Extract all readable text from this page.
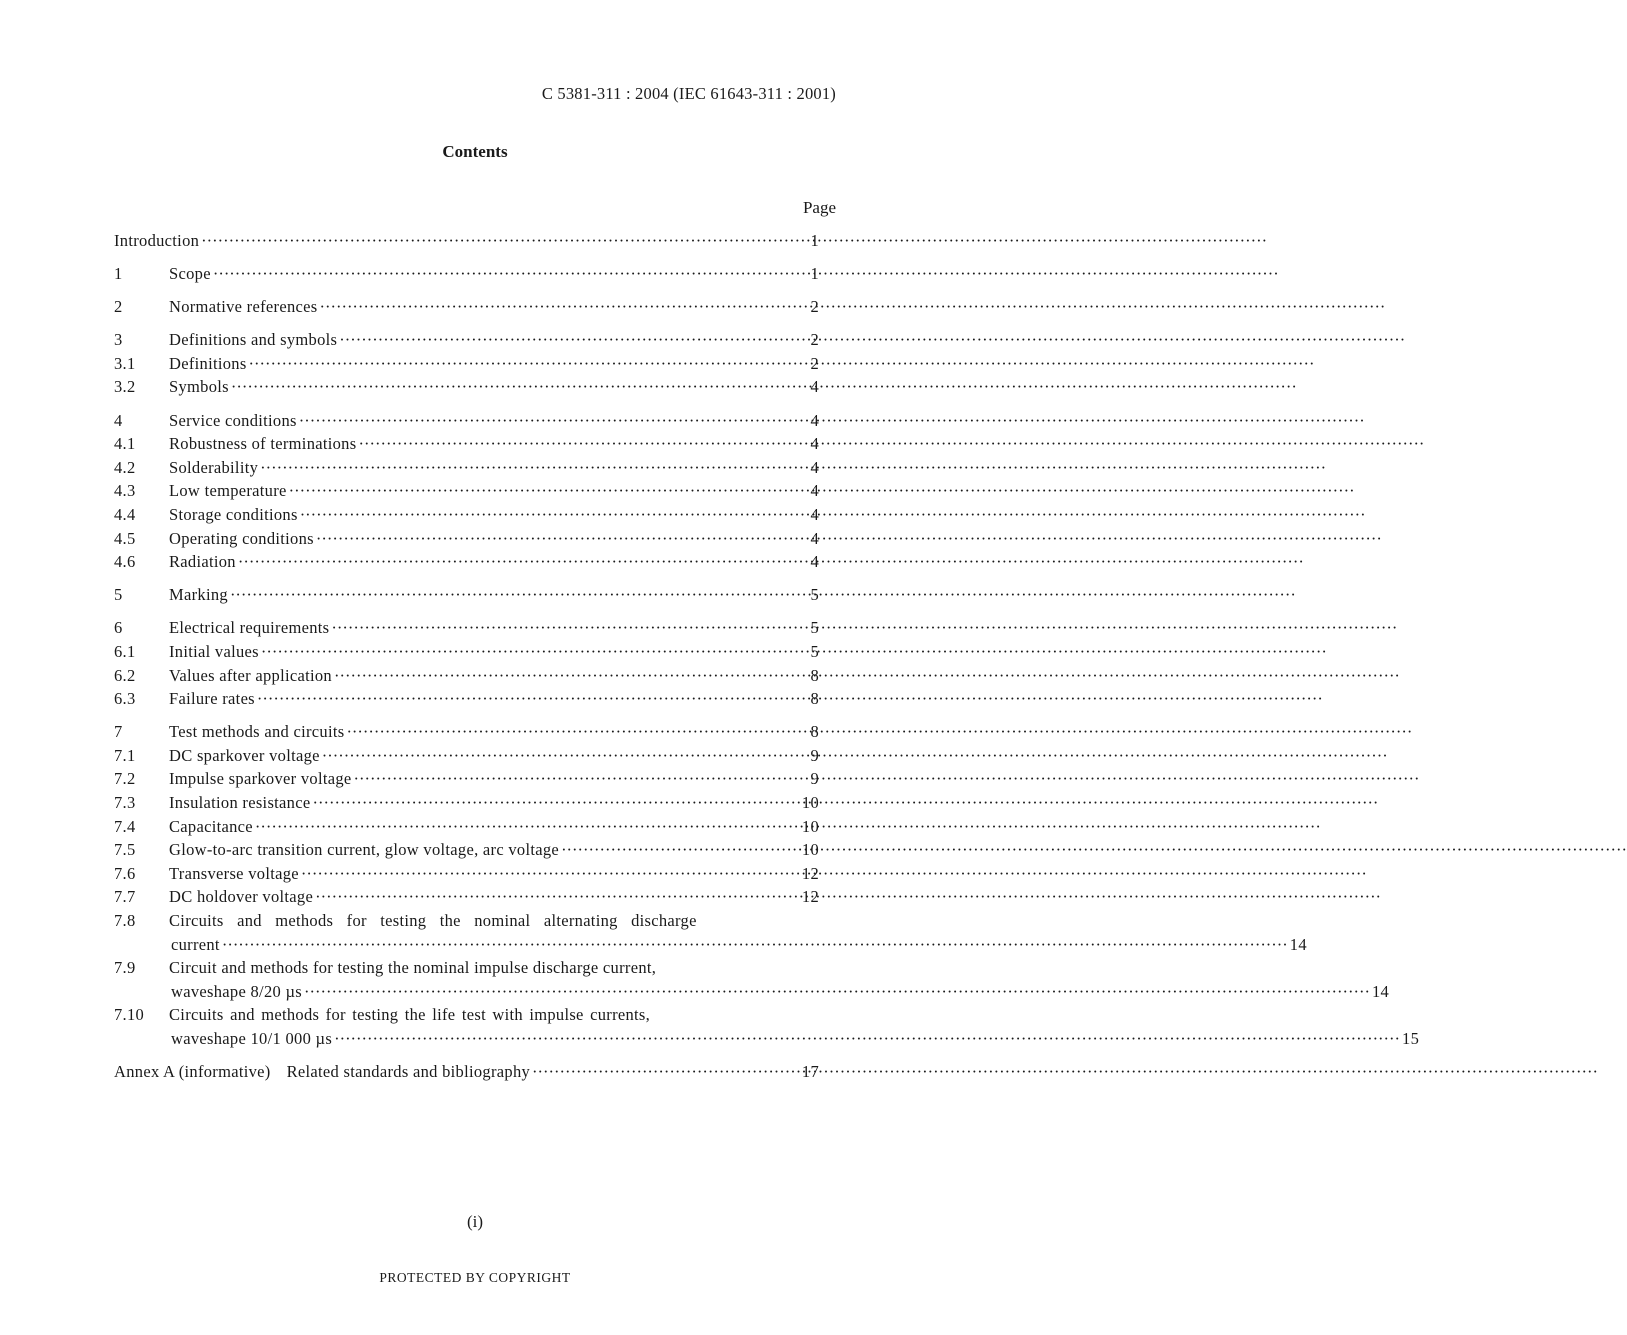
C 5381-311 : 2004 (IEC 61643-311 : 2001)
Contents
Page
Introduction ·····	1
1	Scope ·····	1
2	Normative references ·····	2
3	Definitions and symbols ·····	2
3.1	Definitions ·····	2
3.2	Symbols ·····	4
4	Service conditions ·····	4
4.1	Robustness of terminations ·····	4
4.2	Solderability ·····	4
4.3	Low temperature ·····	4
4.4	Storage conditions ·····	4
4.5	Operating conditions ·····	4
4.6	Radiation ·····	4
5	Marking ·····	5
6	Electrical requirements ·····	5
6.1	Initial values ·····	5
6.2	Values after application ·····	8
6.3	Failure rates ·····	8
7	Test methods and circuits ·····	8
7.1	DC sparkover voltage ·····	9
7.2	Impulse sparkover voltage ·····	9
7.3	Insulation resistance ·····	10
7.4	Capacitance ·····	10
7.5	Glow-to-arc transition current, glow voltage, arc voltage ·····	10
7.6	Transverse voltage ·····	12
7.7	DC holdover voltage ·····	12
7.8	Circuits and methods for testing the nominal alternating discharge
current ·····	14
7.9	Circuit and methods for testing the nominal impulse discharge current,
waveshape 8/20 µs ·····	14
7.10	Circuits and methods for testing the life test with impulse currents,
waveshape 10/1 000 µs ·····	15
Annex A (informative) Related standards and bibliography ·····	17
(i)
PROTECTED BY COPYRIGHT
